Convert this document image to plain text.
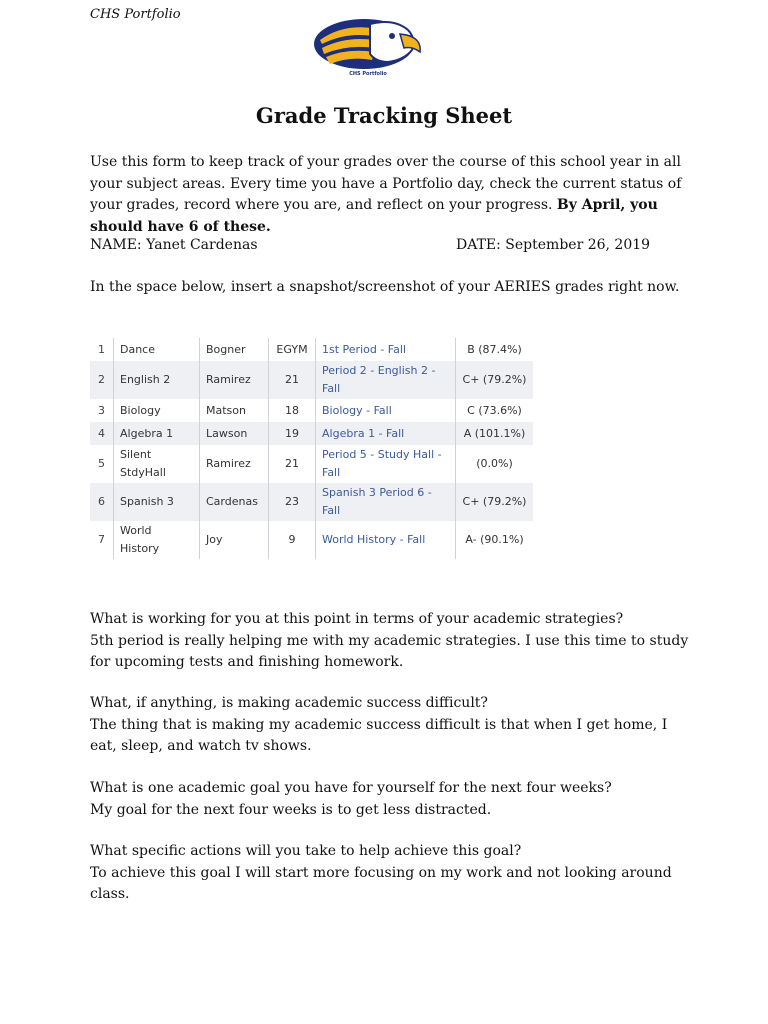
CHS Portfolio
CHS Portfolio
Grade Tracking Sheet
Use this form to keep track of your grades over the course of this school year in all your subject areas. Every time you have a Portfolio day, check the current status of your grades, record where you are, and reflect on your progress. By April, you should have 6 of these.
NAME: Yanet Cardenas	DATE: September 26, 2019
In the space below, insert a snapshot/screenshot of your AERIES grades right now.
1	Dance	Bogner	EGYM	1st Period - Fall	B (87.4%)
2	English 2	Ramirez	21	Period 2 - English 2 - Fall	C+ (79.2%)
3	Biology	Matson	18	Biology - Fall	C (73.6%)
4	Algebra 1	Lawson	19	Algebra 1 - Fall	A (101.1%)
5	Silent StdyHall	Ramirez	21	Period 5 - Study Hall - Fall	(0.0%)
6	Spanish 3	Cardenas	23	Spanish 3 Period 6 - Fall	C+ (79.2%)
7	World History	Joy	9	World History - Fall	A- (90.1%)
What is working for you at this point in terms of your academic strategies?
5th period is really helping me with my academic strategies. I use this time to study for upcoming tests and finishing homework.
What, if anything, is making academic success difficult?
The thing that is making my academic success difficult is that when I get home, I eat, sleep, and watch tv shows.
What is one academic goal you have for yourself for the next four weeks?
My goal for the next four weeks is to get less distracted.
What specific actions will you take to help achieve this goal?
To achieve this goal I will start more focusing on my work and not looking around class.
